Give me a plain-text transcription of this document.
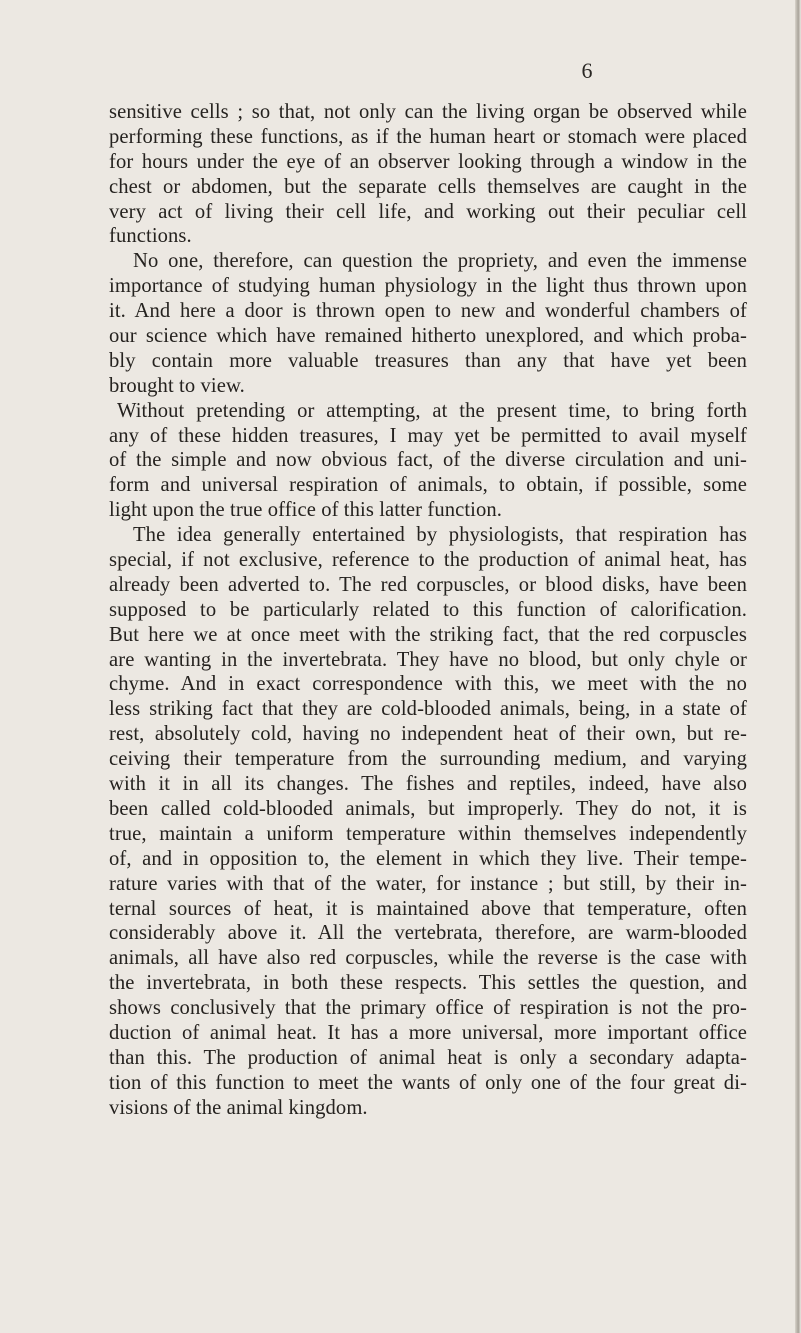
6

sensitive cells ; so that, not only can the living organ be observed while
performing these functions, as if the human heart or stomach were placed
for hours under the eye of an observer looking through a window in the
chest or abdomen, but the separate cells themselves are caught in the
very act of living their cell life, and working out their peculiar cell
functions.
No one, therefore, can question the propriety, and even the immense
importance of studying human physiology in the light thus thrown upon
it. And here a door is thrown open to new and wonderful chambers of
our science which have remained hitherto unexplored, and which proba-
bly contain more valuable treasures than any that have yet been
brought to view.
Without pretending or attempting, at the present time, to bring forth
any of these hidden treasures, I may yet be permitted to avail myself
of the simple and now obvious fact, of the diverse circulation and uni-
form and universal respiration of animals, to obtain, if possible, some
light upon the true office of this latter function.
The idea generally entertained by physiologists, that respiration has
special, if not exclusive, reference to the production of animal heat, has
already been adverted to. The red corpuscles, or blood disks, have been
supposed to be particularly related to this function of calorification.
But here we at once meet with the striking fact, that the red corpuscles
are wanting in the invertebrata. They have no blood, but only chyle or
chyme. And in exact correspondence with this, we meet with the no
less striking fact that they are cold-blooded animals, being, in a state of
rest, absolutely cold, having no independent heat of their own, but re-
ceiving their temperature from the surrounding medium, and varying
with it in all its changes. The fishes and reptiles, indeed, have also
been called cold-blooded animals, but improperly. They do not, it is
true, maintain a uniform temperature within themselves independently
of, and in opposition to, the element in which they live. Their tempe-
rature varies with that of the water, for instance ; but still, by their in-
ternal sources of heat, it is maintained above that temperature, often
considerably above it. All the vertebrata, therefore, are warm-blooded
animals, all have also red corpuscles, while the reverse is the case with
the invertebrata, in both these respects. This settles the question, and
shows conclusively that the primary office of respiration is not the pro-
duction of animal heat. It has a more universal, more important office
than this. The production of animal heat is only a secondary adapta-
tion of this function to meet the wants of only one of the four great di-
visions of the animal kingdom.
